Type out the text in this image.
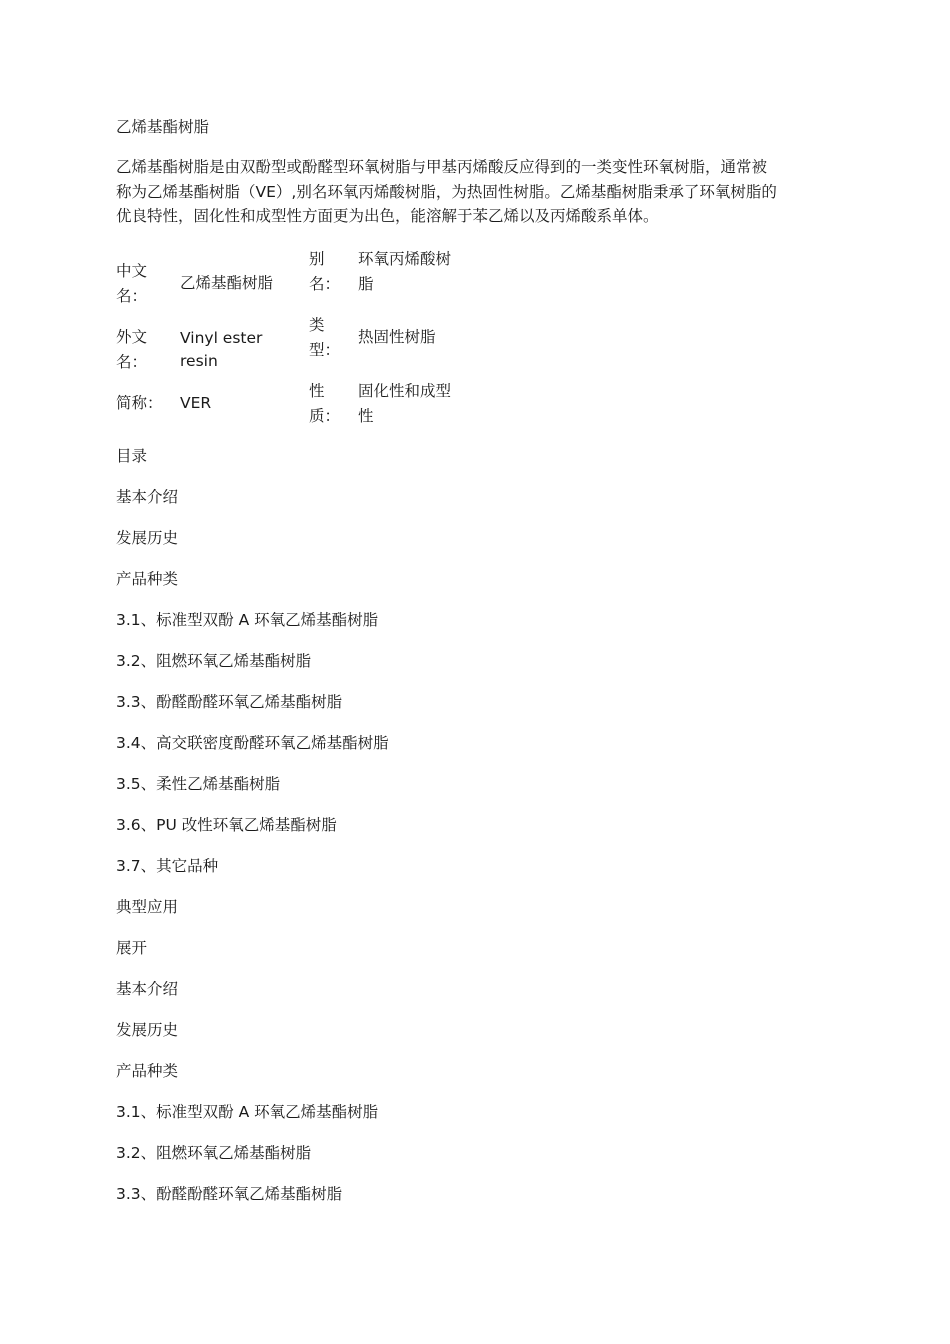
乙烯基酯树脂
乙烯基酯树脂是由双酚型或酚醛型环氧树脂与甲基丙烯酸反应得到的一类变性环氧树脂，通常被
称为乙烯基酯树脂（VE）,别名环氧丙烯酸树脂，为热固性树脂。乙烯基酯树脂秉承了环氧树脂的
优良特性，固化性和成型性方面更为出色，能溶解于苯乙烯以及丙烯酸系单体。
中文
名：
乙烯基酯树脂
别
名：
环氧丙烯酸树
脂
外文
名：
Vinyl ester
resin
类
型：
热固性树脂
简称： VER
性
质：
固化性和成型
性
目录
基本介绍
发展历史
产品种类
3.1、标准型双酚 A 环氧乙烯基酯树脂
3.2、阻燃环氧乙烯基酯树脂
3.3、酚醛酚醛环氧乙烯基酯树脂
3.4、高交联密度酚醛环氧乙烯基酯树脂
3.5、柔性乙烯基酯树脂
3.6、PU 改性环氧乙烯基酯树脂
3.7、其它品种
典型应用
展开
基本介绍
发展历史
产品种类
3.1、标准型双酚 A 环氧乙烯基酯树脂
3.2、阻燃环氧乙烯基酯树脂
3.3、酚醛酚醛环氧乙烯基酯树脂
